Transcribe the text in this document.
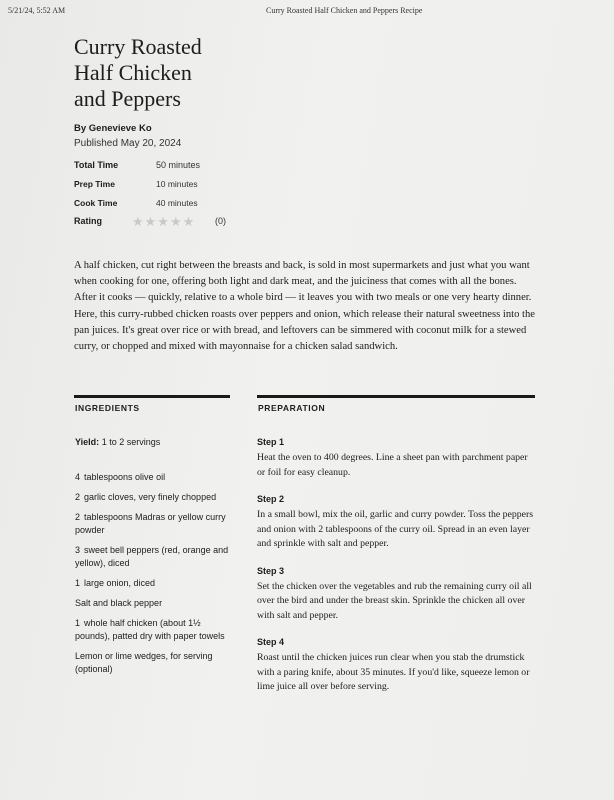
5/21/24, 5:52 AM	Curry Roasted Half Chicken and Peppers Recipe
Curry Roasted
Half Chicken
and Peppers
By Genevieve Ko
Published May 20, 2024
Total Time	50 minutes
Prep Time	10 minutes
Cook Time	40 minutes
Rating ★★★★★ (0)

A half chicken, cut right between the breasts and back, is sold in most supermarkets and just what you want when cooking for one, offering both light and dark meat, and the juiciness that comes with all the bones. After it cooks — quickly, relative to a whole bird — it leaves you with two meals or one very hearty dinner. Here, this curry-rubbed chicken roasts over peppers and onion, which release their natural sweetness into the pan juices. It's great over rice or with bread, and leftovers can be simmered with coconut milk for a stewed curry, or chopped and mixed with mayonnaise for a chicken salad sandwich.

INGREDIENTS	PREPARATION
Yield: 1 to 2 servings
4 tablespoons olive oil
2 garlic cloves, very finely chopped
2 tablespoons Madras or yellow curry powder
3 sweet bell peppers (red, orange and yellow), diced
1 large onion, diced
Salt and black pepper
1 whole half chicken (about 1½ pounds), patted dry with paper towels
Lemon or lime wedges, for serving (optional)
Step 1
Heat the oven to 400 degrees. Line a sheet pan with parchment paper or foil for easy cleanup.
Step 2
In a small bowl, mix the oil, garlic and curry powder. Toss the peppers and onion with 2 tablespoons of the curry oil. Spread in an even layer and sprinkle with salt and pepper.
Step 3
Set the chicken over the vegetables and rub the remaining curry oil all over the bird and under the breast skin. Sprinkle the chicken all over with salt and pepper.
Step 4
Roast until the chicken juices run clear when you stab the drumstick with a paring knife, about 35 minutes. If you'd like, squeeze lemon or lime juice all over before serving.
